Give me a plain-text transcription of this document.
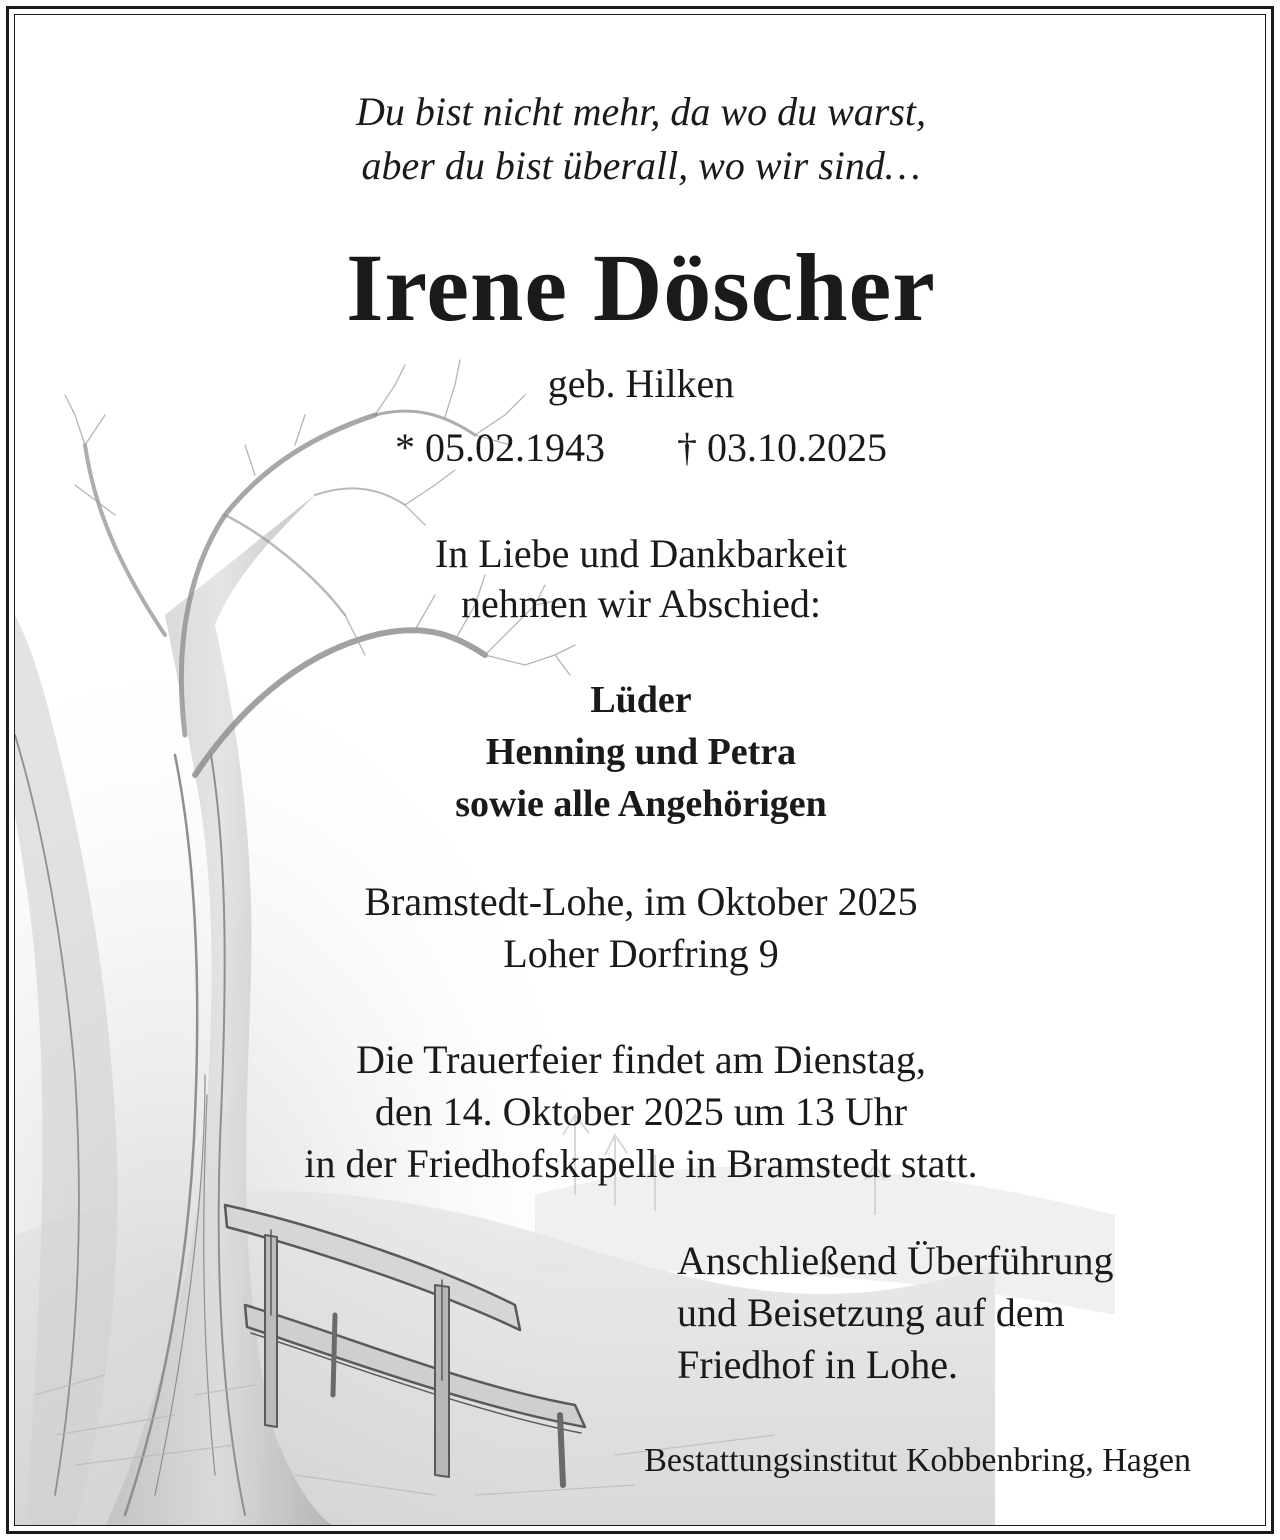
Du bist nicht mehr, da wo du warst,
aber du bist überall, wo wir sind…
Irene Döscher
geb. Hilken
* 05.02.1943 † 03.10.2025
In Liebe und Dankbarkeit
nehmen wir Abschied:
Lüder
Henning und Petra
sowie alle Angehörigen
Bramstedt-Lohe, im Oktober 2025
Loher Dorfring 9
Die Trauerfeier findet am Dienstag,
den 14. Oktober 2025 um 13 Uhr
in der Friedhofskapelle in Bramstedt statt.
Anschließend Überführung
und Beisetzung auf dem
Friedhof in Lohe.
Bestattungsinstitut Kobbenbring, Hagen
